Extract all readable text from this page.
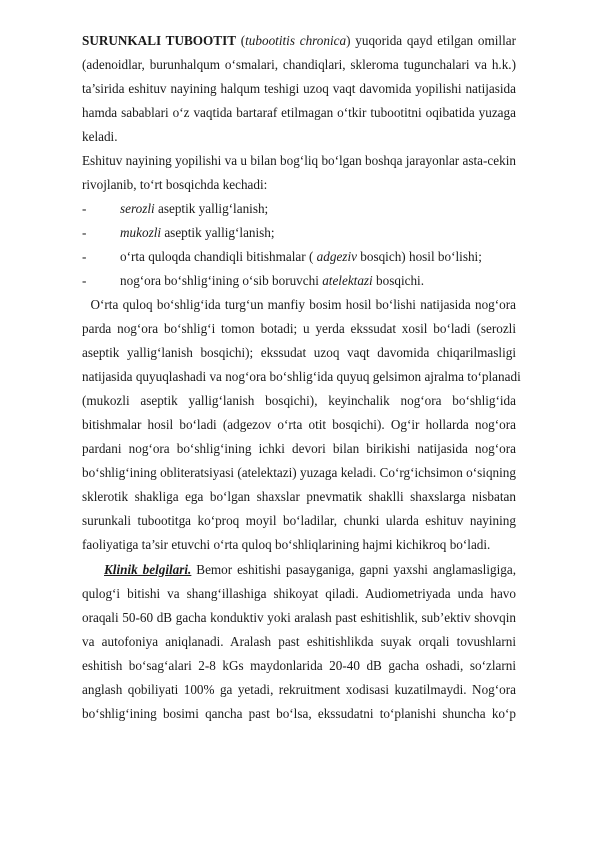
SURUNKALI TUBOOTIT (tubootitis chronica) yuqorida qayd etilgan omillar
(adenoidlar, burunhalqum o‘smalari, chandiqlari, skleroma tugunchalari va h.k.)
ta’sirida eshituv nayining halqum teshigi uzoq vaqt davomida yopilishi natijasida
hamda sabablari o‘z vaqtida bartaraf etilmagan o‘tkir tubootitni oqibatida yuzaga
keladi.
Eshituv nayining yopilishi va u bilan bog‘liq bo‘lgan boshqa jarayonlar asta-cekin
rivojlanib, to‘rt bosqichda kechadi:
-	serozli aseptik yallig‘lanish;
-	mukozli aseptik yallig‘lanish;
-	o‘rta quloqda chandiqli bitishmalar ( adgeziv bosqich) hosil bo‘lishi;
-	nog‘ora bo‘shlig‘ining o‘sib boruvchi atelektazi bosqichi.
O‘rta quloq bo‘shlig‘ida turg‘un manfiy bosim hosil bo‘lishi natijasida nog‘ora
parda nog‘ora bo‘shlig‘i tomon botadi; u yerda ekssudat xosil bo‘ladi (serozli
aseptik yallig‘lanish bosqichi); ekssudat uzoq vaqt davomida chiqarilmasligi
natijasida quyuqlashadi va nog‘ora bo‘shlig‘ida quyuq gelsimon ajralma to‘planadi
(mukozli aseptik yallig‘lanish bosqichi), keyinchalik nog‘ora bo‘shlig‘ida
bitishmalar hosil bo‘ladi (adgezov o‘rta otit bosqichi). Og‘ir hollarda nog‘ora
pardani nog‘ora bo‘shlig‘ining ichki devori bilan birikishi natijasida nog‘ora
bo‘shlig‘ining obliteratsiyasi (atelektazi) yuzaga keladi. Co‘rg‘ichsimon o‘siqning
sklerotik shakliga ega bo‘lgan shaxslar pnevmatik shaklli shaxslarga nisbatan
surunkali tubootitga ko‘proq moyil bo‘ladilar, chunki ularda eshituv nayining
faoliyatiga ta’sir etuvchi o‘rta quloq bo‘shliqlarining hajmi kichikroq bo‘ladi.
Klinik belgilari. Bemor eshitishi pasayganiga, gapni yaxshi anglamasligiga,
qulog‘i bitishi va shang‘illashiga shikoyat qiladi. Audiometriyada unda havo
oraqali 50-60 dB gacha konduktiv yoki aralash past eshitishlik, sub’ektiv shovqin
va autofoniya aniqlanadi. Aralash past eshitishlikda suyak orqali tovushlarni
eshitish bo‘sag‘alari 2-8 kGs maydonlarida 20-40 dB gacha oshadi, so‘zlarni
anglash qobiliyati 100% ga yetadi, rekruitment xodisasi kuzatilmaydi. Nog‘ora
bo‘shlig‘ining bosimi qancha past bo‘lsa, ekssudatni to‘planishi shuncha ko‘p
